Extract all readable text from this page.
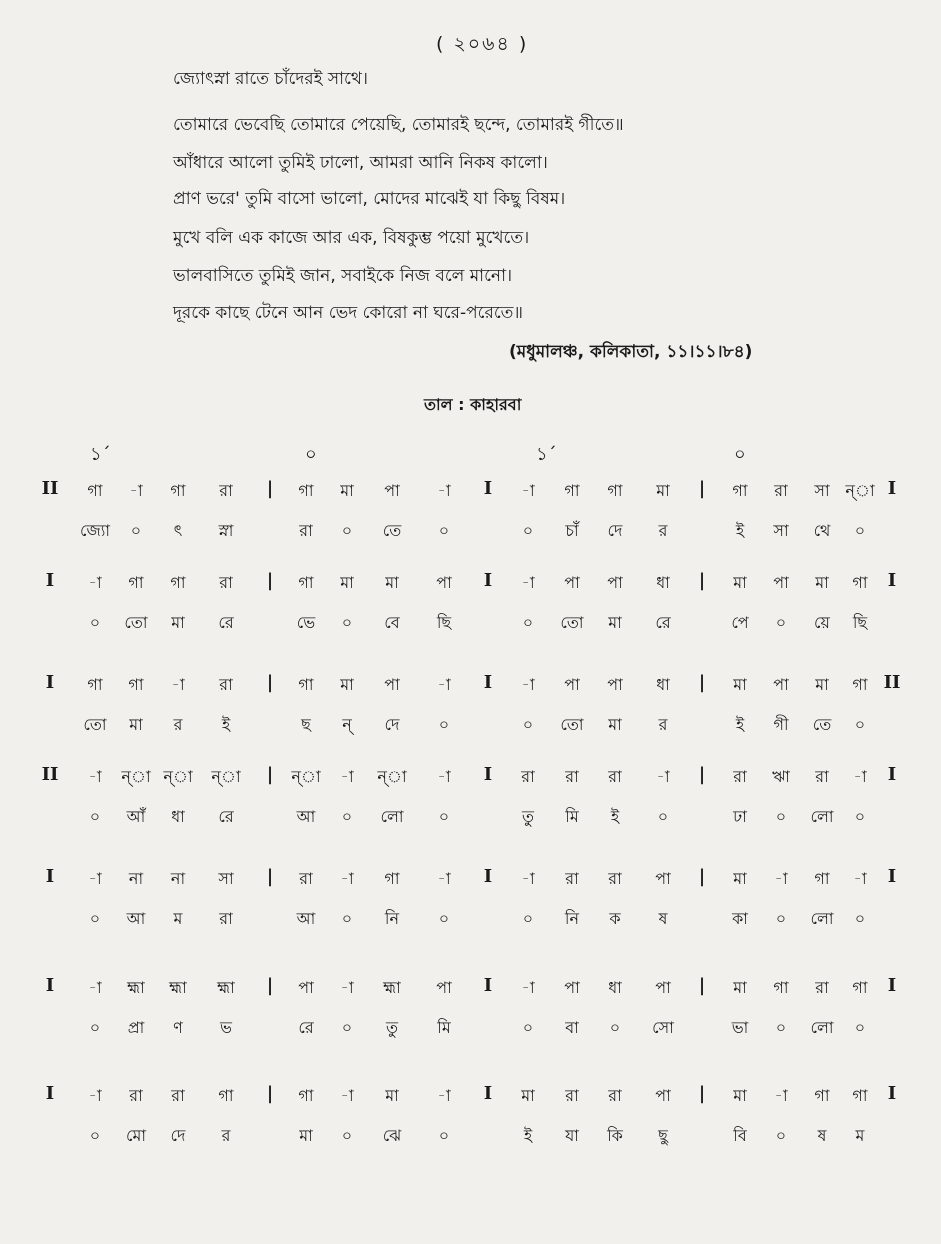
( ২০৬৪ )
জ্যোৎস্না রাতে চাঁদেরই সাথে।
তোমারে ভেবেছি তোমারে পেয়েছি, তোমারই ছন্দে, তোমারই গীতে॥
আঁধারে আলো তুমিই ঢালো, আমরা আনি নিকষ কালো।
প্রাণ ভরে' তুমি বাসো ভালো, মোদের মাঝেই যা কিছু বিষম।
মুখে বলি এক কাজে আর এক, বিষকুম্ভ পয়ো মুখেতে।
ভালবাসিতে তুমিই জান, সবাইকে নিজ বলে মানো।
দূরকে কাছে টেনে আন ভেদ কোরো না ঘরে-পরেতে॥
(মধুমালঞ্চ, কলিকাতা, ১১।১১।৮৪)
তাল : কাহারবা
১´	০	১´	০
II গা -া গা রা | গা মা পা -া I -া গা গা মা | গা রা সা ন্‌া I
জ্যো ০ ৎ স্না	রা ০ তে ০	০ চাঁ দে র	ই সা থে ০
I -া গা গা রা | গা মা মা পা I -া পা পা ধা | মা পা মা গা I
০ তো মা রে	ভে ০ বে ছি	০ তো মা রে	পে ০ য়ে ছি
I গা গা -া রা | গা মা পা -া I -া পা পা ধা | মা পা মা গা II
তো মা র ই	ছ ন্‌ দে ০	০ তো মা র	ই গী তে ০
II -া ন্‌া ন্‌া ন্‌া | ন্‌া -া ন্‌া -া I রা রা রা -া | রা ঋা রা -া I
০ আঁ ধা রে	আ ০ লো ০	তু মি ই ০	ঢা ০ লো ০
I -া না না সা | রা -া গা -া I -া রা রা পা | মা -া গা -া I
০ আ ম রা	আ ০ নি ০	০ নি ক ষ	কা ০ লো ০
I -া হ্মা হ্মা হ্মা | পা -া হ্মা পা I -া পা ধা পা | মা গা রা গা I
০ প্রা ণ ভ	রে ০ তু মি	০ বা ০ সো	ভা ০ লো ০
I -া রা রা গা | গা -া মা -া I মা রা রা পা | মা -া গা গা I
০ মো দে র	মা ০ ঝে ০	ই যা কি ছু	বি ০ ষ ম
